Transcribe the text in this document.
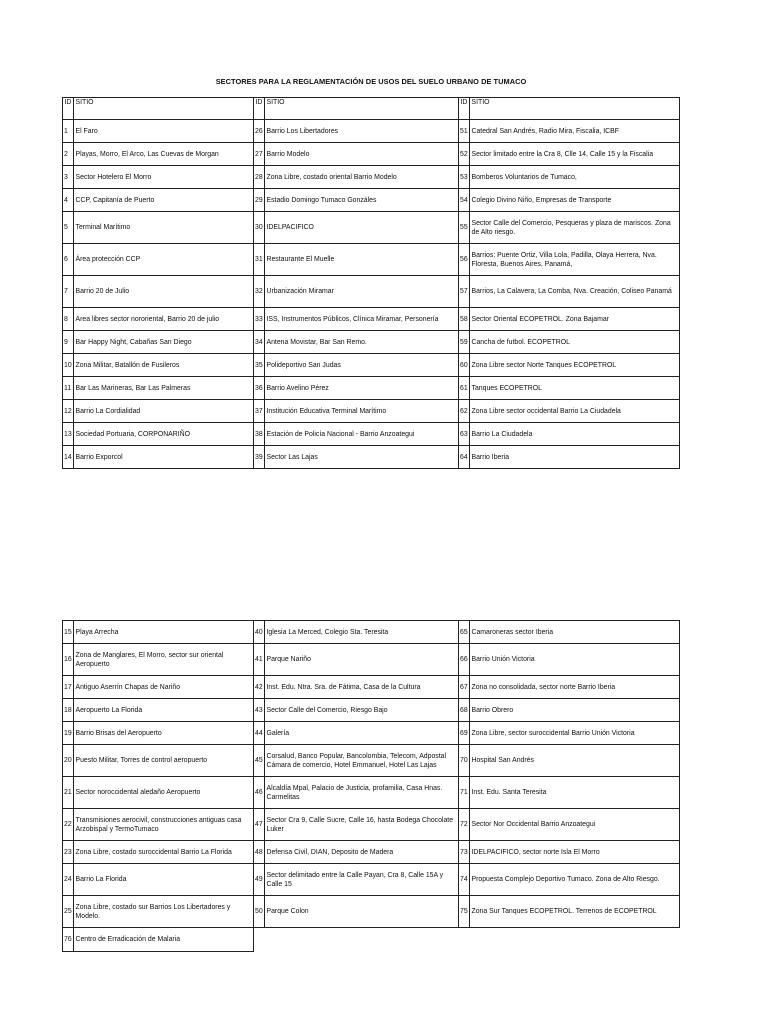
SECTORES PARA LA REGLAMENTACIÓN DE USOS DEL SUELO URBANO DE TUMACO
ID	SITIO	ID	SITIO	ID	SITIO
1	El Faro	26	Barrio Los Libertadores	51	Catedral San Andrés, Radio Mira, Fiscalia, ICBF
2	Playas, Morro, El Arco, Las Cuevas de Morgan	27	Barrio Modelo	52	Sector limitado entre la Cra 8, Clle 14, Calle 15 y la Fiscalia
3	Sector Hotelero El Morro	28	Zona Libre, costado oriental Barrio Modelo	53	Bomberos Voluntarios de Tumaco,
4	CCP, Capitanía de Puerto	29	Estadio Domingo Tumaco Gonzáles	54	Colegio Divino Niño, Empresas de Transporte
5	Terminal Marítimo	30	IDELPACIFICO	55	Sector Calle del Comercio, Pesqueras y plaza de mariscos. Zona de Alto riesgo.
6	Área protección CCP	31	Restaurante El Muelle	56	Barrios: Puente Ortiz, Villa Lola, Padilla, Olaya Herrera, Nva. Floresta, Buenos Aires, Panamá,
7	Barrio 20 de Julio	32	Urbanización Miramar	57	Barrios, La Calavera, La Comba, Nva. Creación, Coliseo Panamá
8	Area libres sector nororiental, Barrio 20 de julio	33	ISS, Instrumentos Públicos, Clínica Miramar, Personería	58	Sector Oriental ECOPETROL. Zona Bajamar
9	Bar Happy Night, Cabañas San Diego	34	Antena Movistar, Bar San Remo.	59	Cancha de futbol. ECOPETROL
10	Zona Militar, Batallón de Fusileros	35	Polideportivo San Judas	60	Zona Libre sector Norte Tanques ECOPETROL
11	Bar Las Marineras, Bar Las Palmeras	36	Barrio Avelino Pérez	61	Tanques ECOPETROL
12	Barrio La Cordialidad	37	Institución Educativa Terminal Marítimo	62	Zona Libre sector occidental Barrio La Ciudadela
13	Sociedad Portuaria, CORPONARIÑO	38	Estación de Policía Nacional - Barrio Anzoategui	63	Barrio La Ciudadela
14	Barrio Exporcol	39	Sector Las Lajas	64	Barrio Iberia
15	Playa Arrecha	40	Iglesia La Merced, Colegio Sta. Teresita	65	Camaroneras sector Iberia
16	Zona de Manglares, El Morro, sector sur oriental Aeropuerto	41	Parque Nariño	66	Barrio Unión Victoria
17	Antiguo Aserrín Chapas de Nariño	42	Inst. Edu. Ntra. Sra. de Fátima, Casa de la Cultura	67	Zona no consolidada, sector norte Barrio Iberia
18	Aeropuerto La Florida	43	Sector Calle del Comercio, Riesgo Bajo	68	Barrio Obrero
19	Barrio Brisas del Aeropuerto	44	Galería	69	Zona Libre, sector suroccidental Barrio Unión Victoria
20	Puesto Militar, Torres de control aeropuerto	45	Corsalud, Banco Popular, Bancolombia, Telecom, Adpostal Cámara de comercio, Hotel Emmanuel, Hotel Las Lajas	70	Hospital San Andrés
21	Sector noroccidental aledaño Aeropuerto	46	Alcaldía Mpal, Palacio de Justicia, profamilia, Casa Hnas. Carmelitas	71	Inst. Edu. Santa Teresita
22	Transmisiones aerocivil, construcciones antiguas casa Arzobispal y TermoTumaco	47	Sector Cra 9, Calle Sucre, Calle 16, hasta Bodega Chocolate Luker	72	Sector Nor Occidental Barrio Anzoategui
23	Zona Libre, costado suroccidental Barrio La Florida	48	Defensa Civil, DIAN, Deposito de Madera	73	IDELPACIFICO, sector norte Isla El Morro
24	Barrio La Florida	49	Sector delimitado entre la Calle Payan, Cra 8, Calle 15A y Calle 15	74	Propuesta Complejo Deportivo Tumaco. Zona de Alto Riesgo.
25	Zona Libre, costado sur Barrios Los Libertadores y Modelo.	50	Parque Colon	75	Zona Sur Tanques ECOPETROL. Terrenos de ECOPETROL
76	Centro de Erradicación de Malaria				
